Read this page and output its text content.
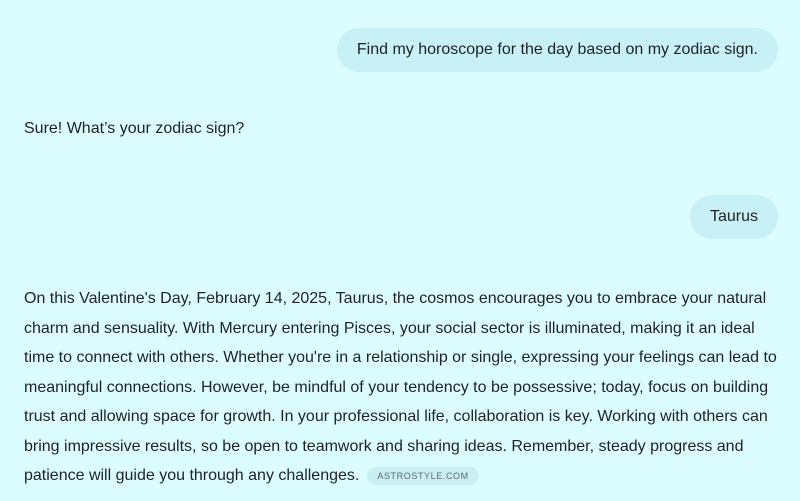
Find my horoscope for the day based on my zodiac sign.
Sure! What’s your zodiac sign?
Taurus
On this Valentine's Day, February 14, 2025, Taurus, the cosmos encourages you to embrace your natural charm and sensuality. With Mercury entering Pisces, your social sector is illuminated, making it an ideal time to connect with others. Whether you're in a relationship or single, expressing your feelings can lead to meaningful connections. However, be mindful of your tendency to be possessive; today, focus on building trust and allowing space for growth. In your professional life, collaboration is key. Working with others can bring impressive results, so be open to teamwork and sharing ideas. Remember, steady progress and patience will guide you through any challenges. ASTROSTYLE.COM
